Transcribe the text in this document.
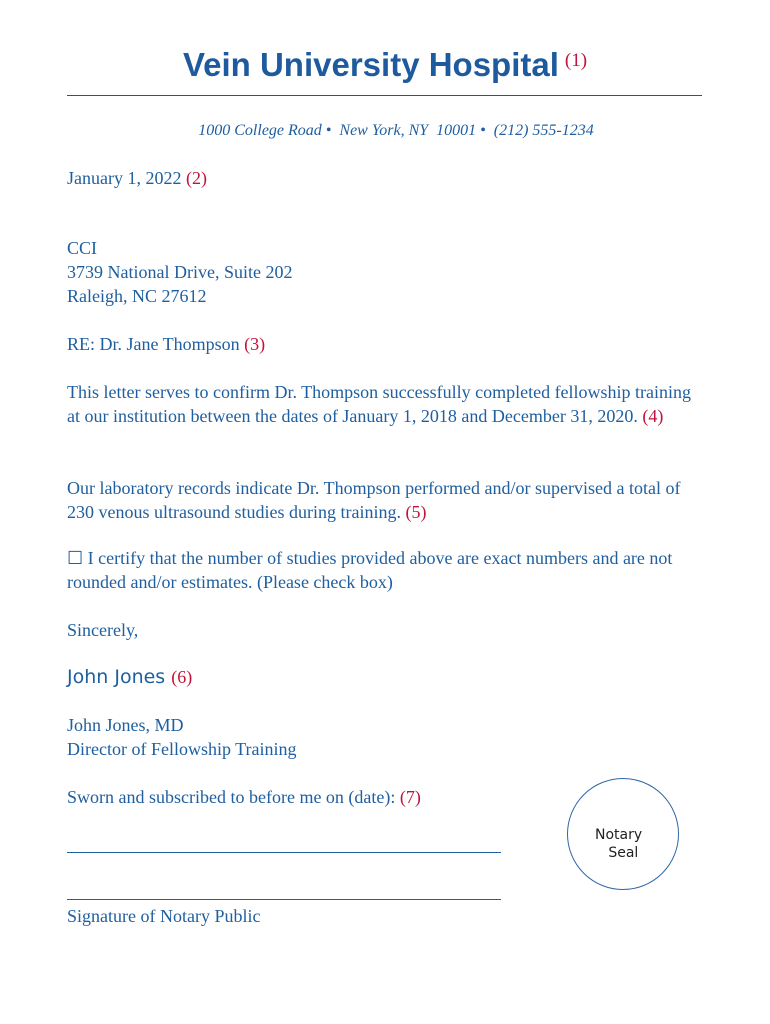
Vein University Hospital $^{(1)}$
1000 College Road •  New York, NY  10001 •  (212) 555-1234
January 1, 2022 (2)
CCI
3739 National Drive, Suite 202
Raleigh, NC 27612
RE: Dr. Jane Thompson (3)
This letter serves to confirm Dr. Thompson successfully completed fellowship training at our institution between the dates of January 1, 2018 and December 31, 2020. (4)
Our laboratory records indicate Dr. Thompson performed and/or supervised a total of 230 venous ultrasound studies during training. (5)
☐ I certify that the number of studies provided above are exact numbers and are not rounded and/or estimates. (Please check box)
Sincerely,
John Jones (6)
John Jones, MD
Director of Fellowship Training
Sworn and subscribed to before me on (date): (7)
Signature of Notary Public
Notary
Seal
